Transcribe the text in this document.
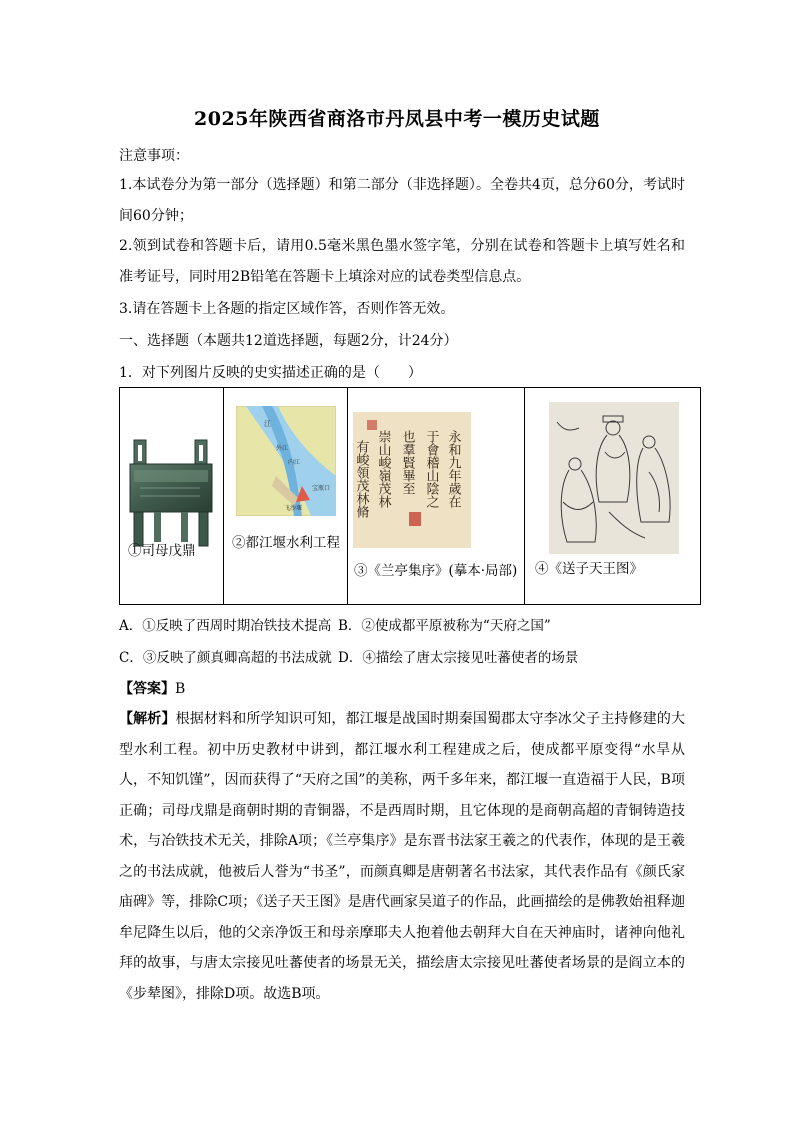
2025年陕西省商洛市丹凤县中考一模历史试题
注意事项：
1.本试卷分为第一部分（选择题）和第二部分（非选择题）。全卷共4页，总分60分，考试时间60分钟；
2.领到试卷和答题卡后，请用0.5毫米黑色墨水签字笔，分别在试卷和答题卡上填写姓名和准考证号，同时用2B铅笔在答题卡上填涂对应的试卷类型信息点。
3.请在答题卡上各题的指定区域作答，否则作答无效。
一、选择题（本题共12道选择题，每题2分，计24分）
1．对下列图片反映的史实描述正确的是（　　）
①司母戊鼎
江
外江
内江
宝瓶口
飞沙堰
②都江堰水利工程
永和九年歲在
于會稽山陰之
也羣賢畢至
崇山峻嶺茂林
有峻領茂林脩
③《兰亭集序》(摹本·局部) ④《送子天王图》
A．①反映了西周时期冶铁技术提高 B．②使成都平原被称为“天府之国”
C．③反映了颜真卿高超的书法成就 D．④描绘了唐太宗接见吐蕃使者的场景
【答案】B
【解析】根据材料和所学知识可知，都江堰是战国时期秦国蜀郡太守李冰父子主持修建的大型水利工程。初中历史教材中讲到，都江堰水利工程建成之后，使成都平原变得“水旱从人，不知饥馑”，因而获得了“天府之国”的美称，两千多年来，都江堰一直造福于人民，B项正确；司母戊鼎是商朝时期的青铜器，不是西周时期，且它体现的是商朝高超的青铜铸造技术，与冶铁技术无关，排除A项；《兰亭集序》是东晋书法家王羲之的代表作，体现的是王羲之的书法成就，他被后人誉为“书圣”，而颜真卿是唐朝著名书法家，其代表作品有《颜氏家庙碑》等，排除C项；《送子天王图》是唐代画家吴道子的作品，此画描绘的是佛教始祖释迦牟尼降生以后，他的父亲净饭王和母亲摩耶夫人抱着他去朝拜大自在天神庙时，诸神向他礼拜的故事，与唐太宗接见吐蕃使者的场景无关，描绘唐太宗接见吐蕃使者场景的是阎立本的《步辇图》，排除D项。故选B项。
